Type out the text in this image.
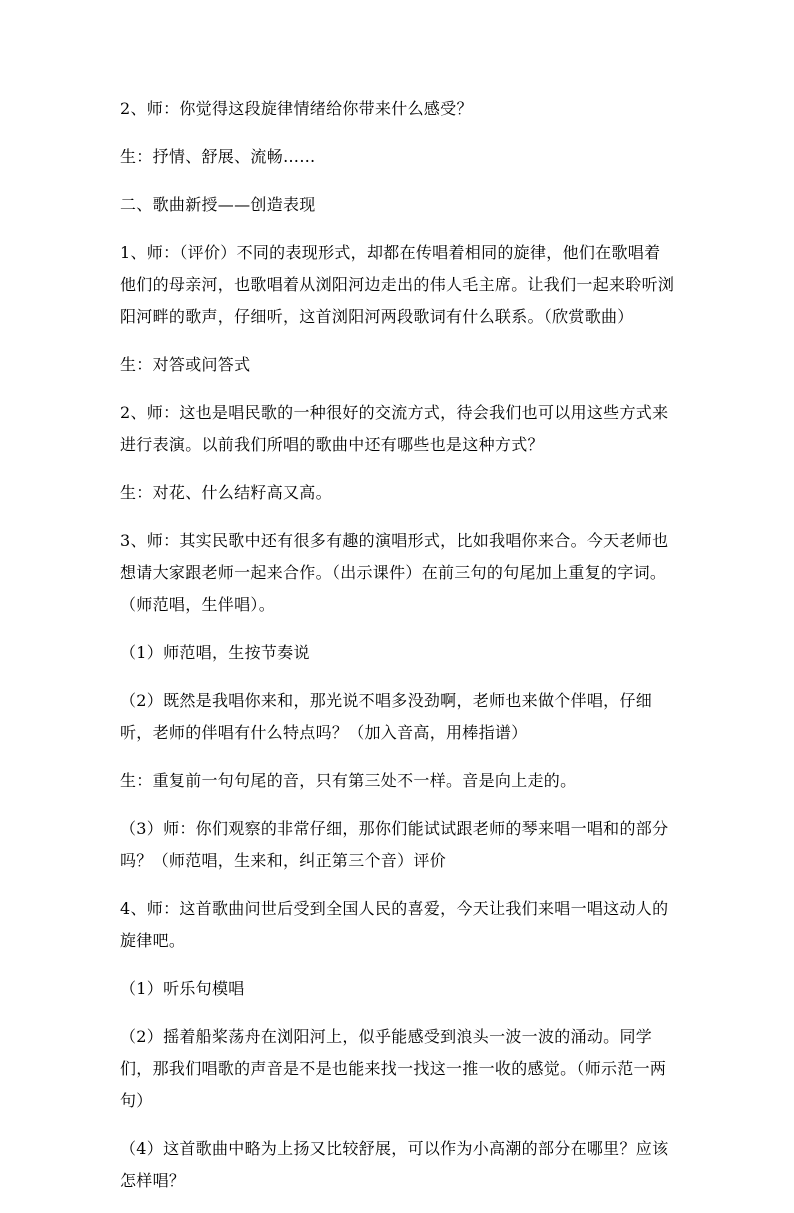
2、师：你觉得这段旋律情绪给你带来什么感受？

生：抒情、舒展、流畅……

二、歌曲新授——创造表现

1、师：（评价）不同的表现形式，却都在传唱着相同的旋律，他们在歌唱着他们的母亲河，也歌唱着从浏阳河边走出的伟人毛主席。让我们一起来聆听浏阳河畔的歌声，仔细听，这首浏阳河两段歌词有什么联系。（欣赏歌曲）

生：对答或问答式

2、师：这也是唱民歌的一种很好的交流方式，待会我们也可以用这些方式来进行表演。以前我们所唱的歌曲中还有哪些也是这种方式？

生：对花、什么结籽高又高。

3、师：其实民歌中还有很多有趣的演唱形式，比如我唱你来合。今天老师也想请大家跟老师一起来合作。（出示课件）在前三句的句尾加上重复的字词。（师范唱，生伴唱）。

（1）师范唱，生按节奏说

（2）既然是我唱你来和，那光说不唱多没劲啊，老师也来做个伴唱，仔细听，老师的伴唱有什么特点吗？（加入音高，用棒指谱）

生：重复前一句句尾的音，只有第三处不一样。音是向上走的。

（3）师：你们观察的非常仔细，那你们能试试跟老师的琴来唱一唱和的部分吗？（师范唱，生来和，纠正第三个音）评价

4、师：这首歌曲问世后受到全国人民的喜爱，今天让我们来唱一唱这动人的旋律吧。

（1）听乐句模唱

（2）摇着船桨荡舟在浏阳河上，似乎能感受到浪头一波一波的涌动。同学们，那我们唱歌的声音是不是也能来找一找这一推一收的感觉。（师示范一两句）

（4）这首歌曲中略为上扬又比较舒展，可以作为小高潮的部分在哪里？应该怎样唱？
